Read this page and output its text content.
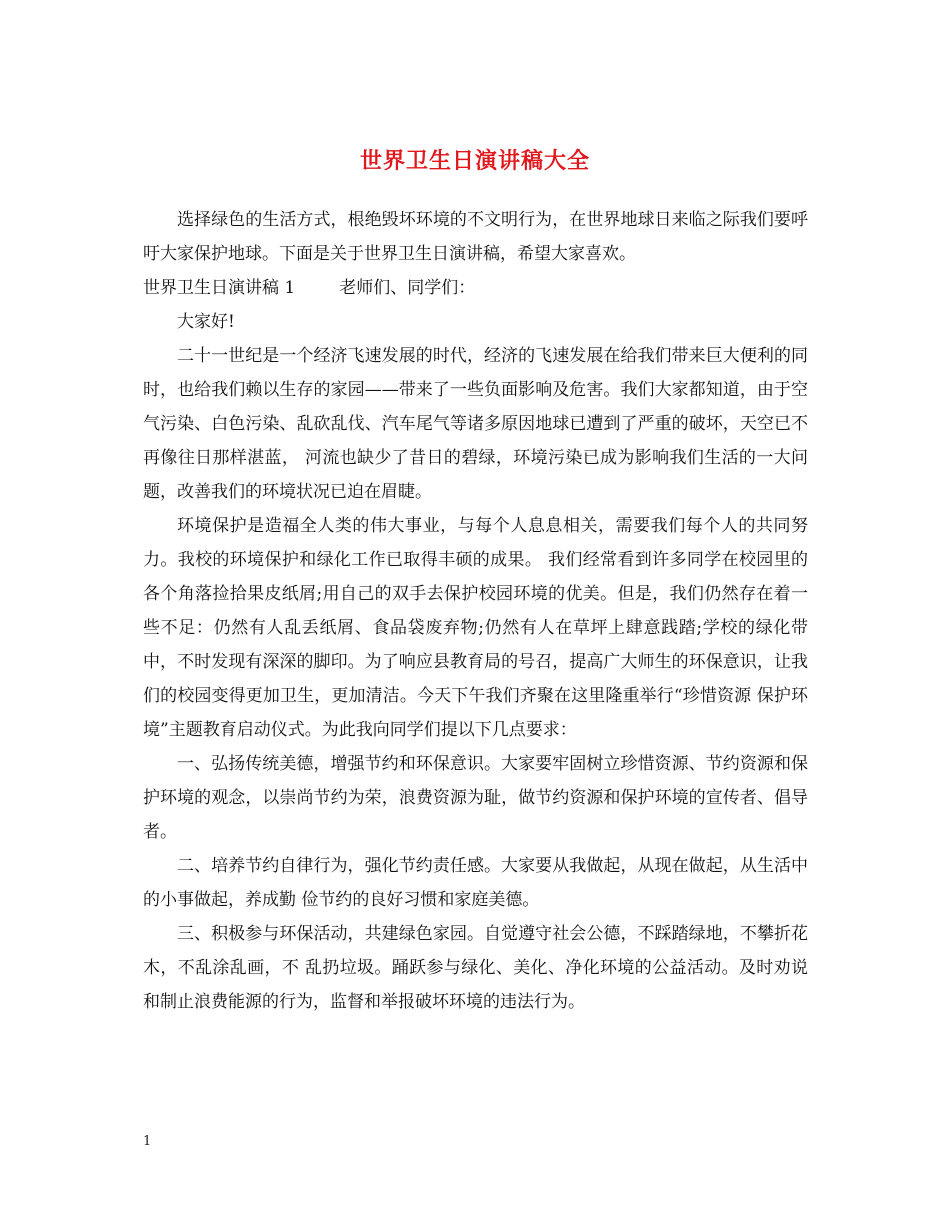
世界卫生日演讲稿大全

选择绿色的生活方式，根绝毁坏环境的不文明行为，在世界地球日来临之际我们要呼吁大家保护地球。下面是关于世界卫生日演讲稿，希望大家喜欢。

世界卫生日演讲稿 1	老师们、同学们：

大家好!

二十一世纪是一个经济飞速发展的时代，经济的飞速发展在给我们带来巨大便利的同时，也给我们赖以生存的家园——带来了一些负面影响及危害。我们大家都知道，由于空气污染、白色污染、乱砍乱伐、汽车尾气等诸多原因地球已遭到了严重的破坏，天空已不再像往日那样湛蓝， 河流也缺少了昔日的碧绿，环境污染已成为影响我们生活的一大问题，改善我们的环境状况已迫在眉睫。

环境保护是造福全人类的伟大事业，与每个人息息相关，需要我们每个人的共同努力。我校的环境保护和绿化工作已取得丰硕的成果。 我们经常看到许多同学在校园里的各个角落捡拾果皮纸屑;用自己的双手去保护校园环境的优美。但是，我们仍然存在着一些不足：仍然有人乱丢纸屑、食品袋废弃物;仍然有人在草坪上肆意践踏;学校的绿化带中，不时发现有深深的脚印。为了响应县教育局的号召，提高广大师生的环保意识，让我们的校园变得更加卫生，更加清洁。今天下午我们齐聚在这里隆重举行“珍惜资源 保护环境”主题教育启动仪式。为此我向同学们提以下几点要求：

一、弘扬传统美德，增强节约和环保意识。大家要牢固树立珍惜资源、节约资源和保护环境的观念，以崇尚节约为荣，浪费资源为耻，做节约资源和保护环境的宣传者、倡导者。

二、培养节约自律行为，强化节约责任感。大家要从我做起，从现在做起，从生活中的小事做起，养成勤 俭节约的良好习惯和家庭美德。

三、积极参与环保活动，共建绿色家园。自觉遵守社会公德，不踩踏绿地，不攀折花木，不乱涂乱画，不 乱扔垃圾。踊跃参与绿化、美化、净化环境的公益活动。及时劝说和制止浪费能源的行为，监督和举报破坏环境的违法行为。

1
